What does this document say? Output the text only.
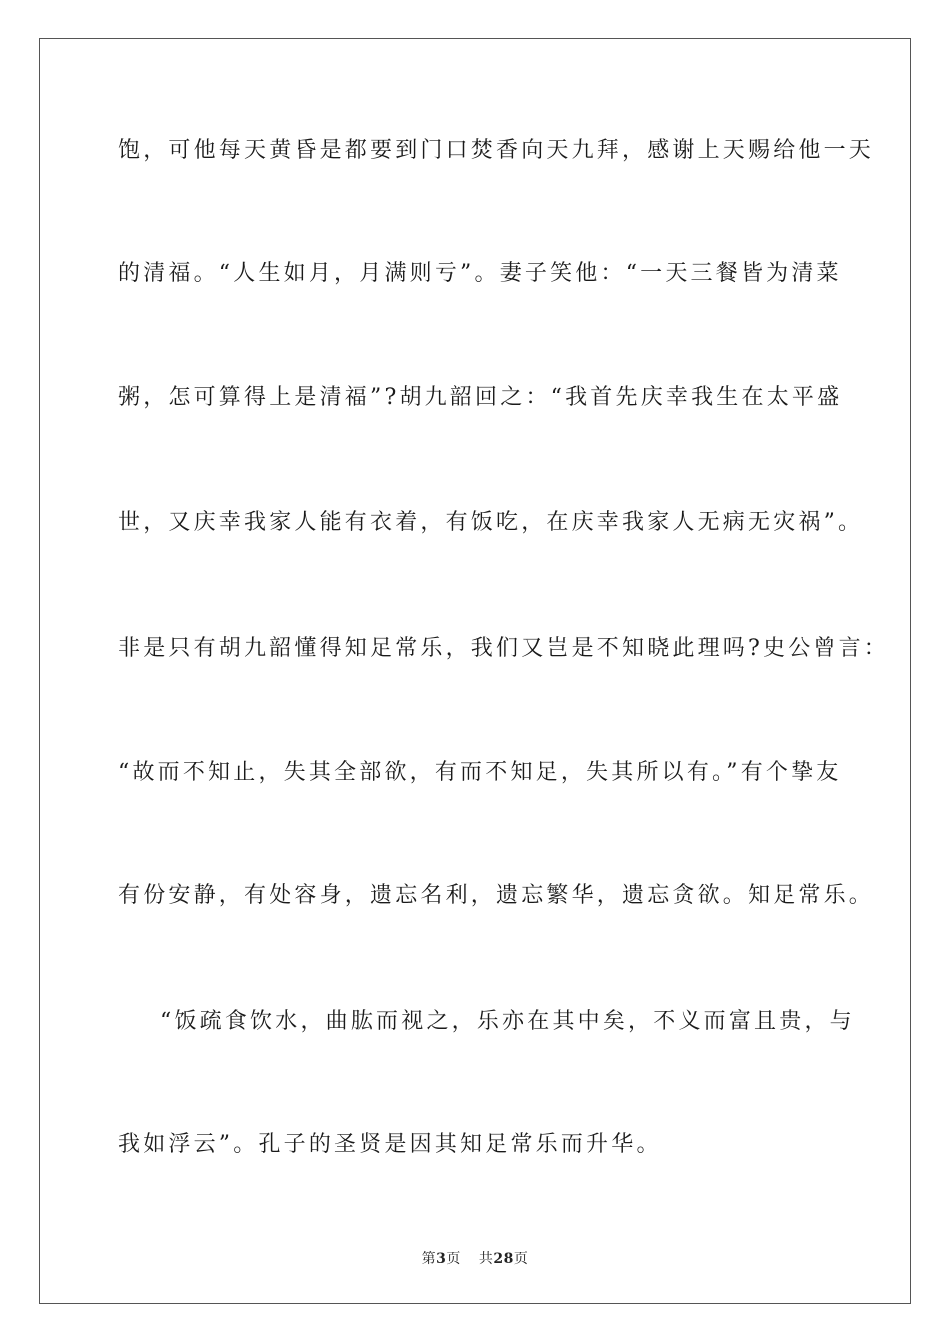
饱，可他每天黄昏是都要到门口焚香向天九拜，感谢上天赐给他一天
的清福。“人生如月，月满则亏”。妻子笑他：“一天三餐皆为清菜
粥，怎可算得上是清福”?胡九韶回之：“我首先庆幸我生在太平盛
世，又庆幸我家人能有衣着，有饭吃，在庆幸我家人无病无灾祸”。
非是只有胡九韶懂得知足常乐，我们又岂是不知晓此理吗?史公曾言：
“故而不知止，失其全部欲，有而不知足，失其所以有。”有个挚友
有份安静，有处容身，遗忘名利，遗忘繁华，遗忘贪欲。知足常乐。
“饭疏食饮水，曲肱而视之，乐亦在其中矣，不义而富且贵，与
我如浮云”。孔子的圣贤是因其知足常乐而升华。
第3页 共28页
